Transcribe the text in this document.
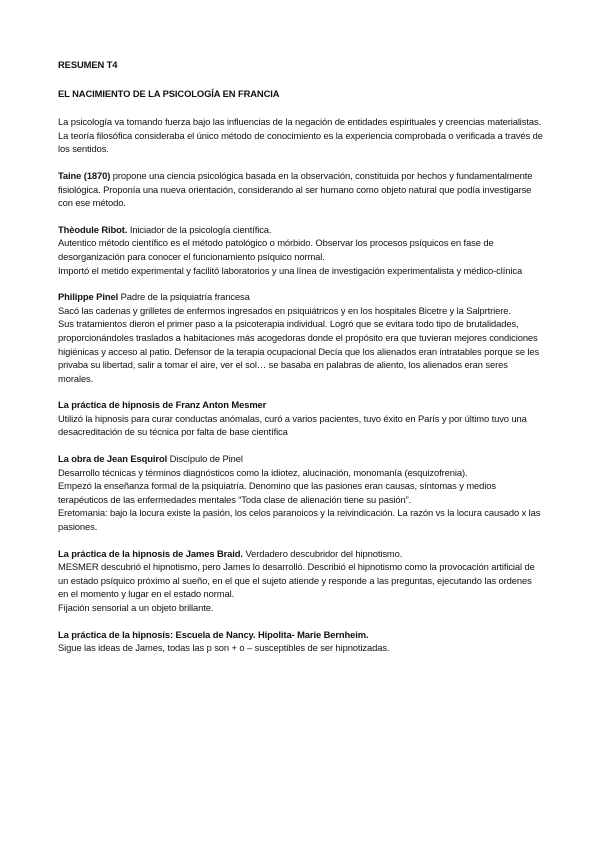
RESUMEN T4

EL NACIMIENTO DE LA PSICOLOGÍA EN FRANCIA

La psicología va tomando fuerza bajo las influencias de la negación de entidades espirituales y creencias materialistas. La teoría filosófica consideraba el único método de conocimiento es la experiencia comprobada o verificada a través de los sentidos.

Taine (1870) propone una ciencia psicológica basada en la observación, constituida por hechos y fundamentalmente fisiológica. Proponía una nueva orientación, considerando al ser humano como objeto natural que podía investigarse con ese método.

Thèodule Ribot. Iniciador de la psicología científica.

Autentico método científico es el método patológico o mórbido. Observar los procesos psíquicos en fase de desorganización para conocer el funcionamiento psíquico normal.

Importó el metido experimental y facilitó laboratorios y una línea de investigación experimentalista y médico-clínica

Philippe Pinel Padre de la psiquiatría francesa

Sacó las cadenas y grilletes de enfermos ingresados en psiquiátricos y en los hospitales Bicetre y la Salprtriere.

Sus tratamientos dieron el primer paso a la psicoterapia individual. Logró que se evitara todo tipo de brutalidades, proporcionándoles traslados a habitaciones más acogedoras donde el propósito era que tuvieran mejores condiciones higiénicas y acceso al patio. Defensor de la terapia ocupacional Decía que los alienados eran intratables porque se les privaba su libertad, salir a tomar el aire, ver el sol… se basaba en palabras de aliento, los alienados eran seres morales.

La práctica de hipnosis de Franz Anton Mesmer

Utilizó la hipnosis para curar conductas anómalas, curó a varios pacientes, tuvo éxito en París y por último tuvo una desacreditación de su técnica por falta de base científica

La obra de Jean Esquirol Discípulo de Pinel

Desarrollo técnicas y términos diagnósticos como la idiotez, alucinación, monomanía (esquizofrenia).

Empezó la enseñanza formal de la psiquiatría. Denomino que las pasiones eran causas, síntomas y medios terapéuticos de las enfermedades mentales “Toda clase de alienación tiene su pasión”.

Eretomania: bajo la locura existe la pasión, los celos paranoicos y la reivindicación. La razón vs la locura causado x las pasiones.

La práctica de la hipnosis de James Braid. Verdadero descubridor del hipnotismo.

MESMER descubrió el hipnotismo, pero James lo desarrolló. Describió el hipnotismo como la provocación artificial de un estado psíquico próximo al sueño, en el que el sujeto atiende y responde a las preguntas, ejecutando las ordenes en el momento y lugar en el estado normal.

Fijación sensorial a un objeto brillante.

La práctica de la hipnosis: Escuela de Nancy. Hipolita- Marie Bernheim.

Sigue las ideas de James, todas las p son + o – susceptibles de ser hipnotizadas.
